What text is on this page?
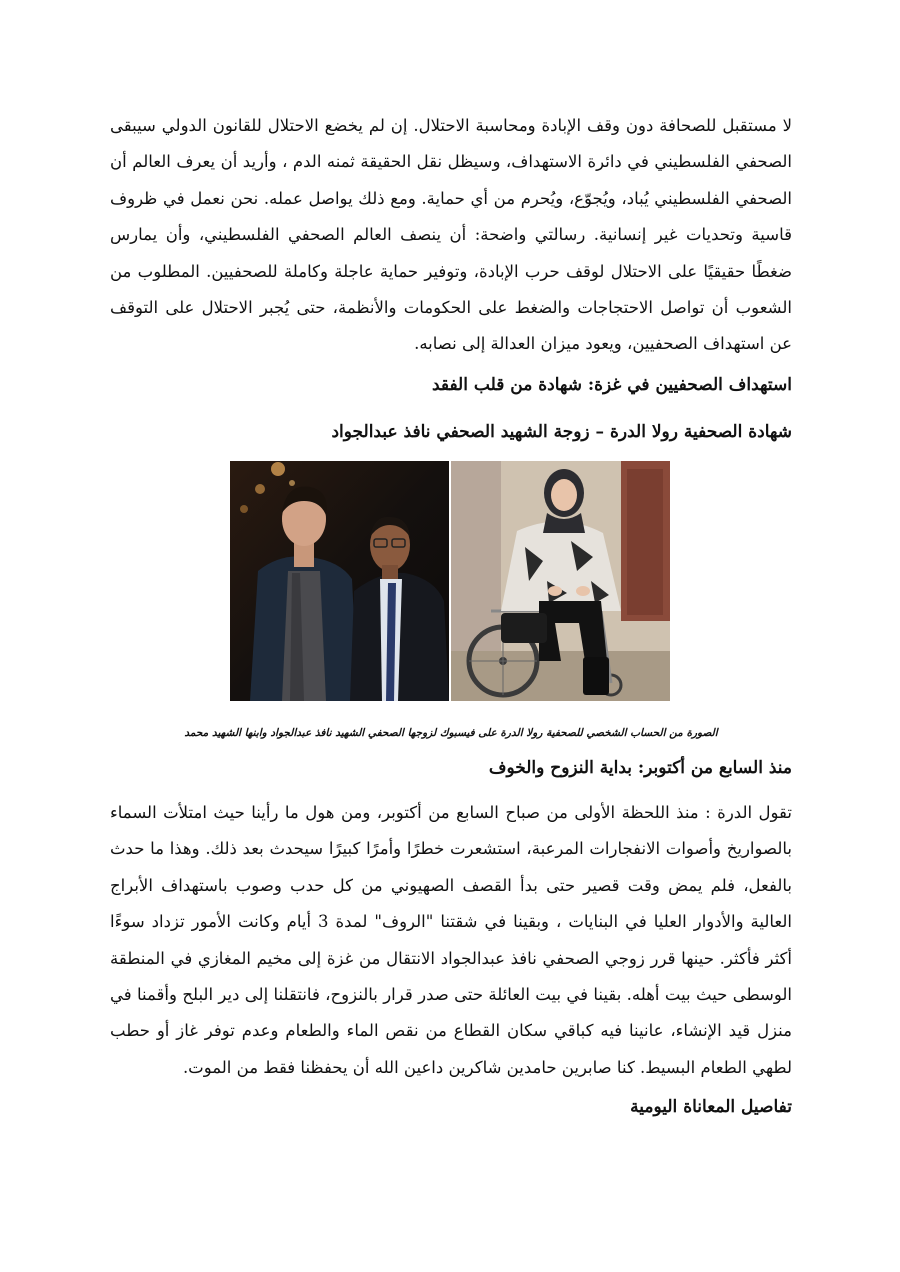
لا مستقبل للصحافة دون وقف الإبادة ومحاسبة الاحتلال. إن لم يخضع الاحتلال للقانون الدولي سيبقى الصحفي الفلسطيني في دائرة الاستهداف، وسيظل نقل الحقيقة ثمنه الدم ، وأريد أن يعرف العالم أن الصحفي الفلسطيني يُباد، ويُجوّع، ويُحرم من أي حماية. ومع ذلك يواصل عمله. نحن نعمل في ظروف قاسية وتحديات غير إنسانية. رسالتي واضحة: أن ينصف العالم الصحفي الفلسطيني، وأن يمارس ضغطًا حقيقيًا على الاحتلال لوقف حرب الإبادة، وتوفير حماية عاجلة وكاملة للصحفيين. المطلوب من الشعوب أن تواصل الاحتجاجات والضغط على الحكومات والأنظمة، حتى يُجبر الاحتلال على التوقف عن استهداف الصحفيين، ويعود ميزان العدالة إلى نصابه.

استهداف الصحفيين في غزة: شهادة من قلب الفقد

شهادة الصحفية رولا الدرة – زوجة الشهيد الصحفي نافذ عبدالجواد

الصورة من الحساب الشخصي للصحفية رولا الدرة على فيسبوك لزوجها الصحفي الشهيد نافذ عبدالجواد وابنها الشهيد محمد

منذ السابع من أكتوبر: بداية النزوح والخوف

تقول الدرة : منذ اللحظة الأولى من صباح السابع من أكتوبر، ومن هول ما رأينا حيث امتلأت السماء بالصواريخ وأصوات الانفجارات المرعبة، استشعرت خطرًا وأمرًا كبيرًا سيحدث بعد ذلك. وهذا ما حدث بالفعل، فلم يمض وقت قصير حتى بدأ القصف الصهيوني من كل حدب وصوب باستهداف الأبراج العالية والأدوار العليا في البنايات ، وبقينا في شقتنا "الروف" لمدة 3 أيام وكانت الأمور تزداد سوءًا أكثر فأكثر. حينها قرر زوجي الصحفي نافذ عبدالجواد الانتقال من غزة إلى مخيم المغازي في المنطقة الوسطى حيث بيت أهله. بقينا في بيت العائلة حتى صدر قرار بالنزوح، فانتقلنا إلى دير البلح وأقمنا في منزل قيد الإنشاء، عانينا فيه كباقي سكان القطاع من نقص الماء والطعام وعدم توفر غاز أو حطب لطهي الطعام البسيط. كنا صابرين حامدين شاكرين داعين الله أن يحفظنا فقط من الموت.

تفاصيل المعاناة اليومية
